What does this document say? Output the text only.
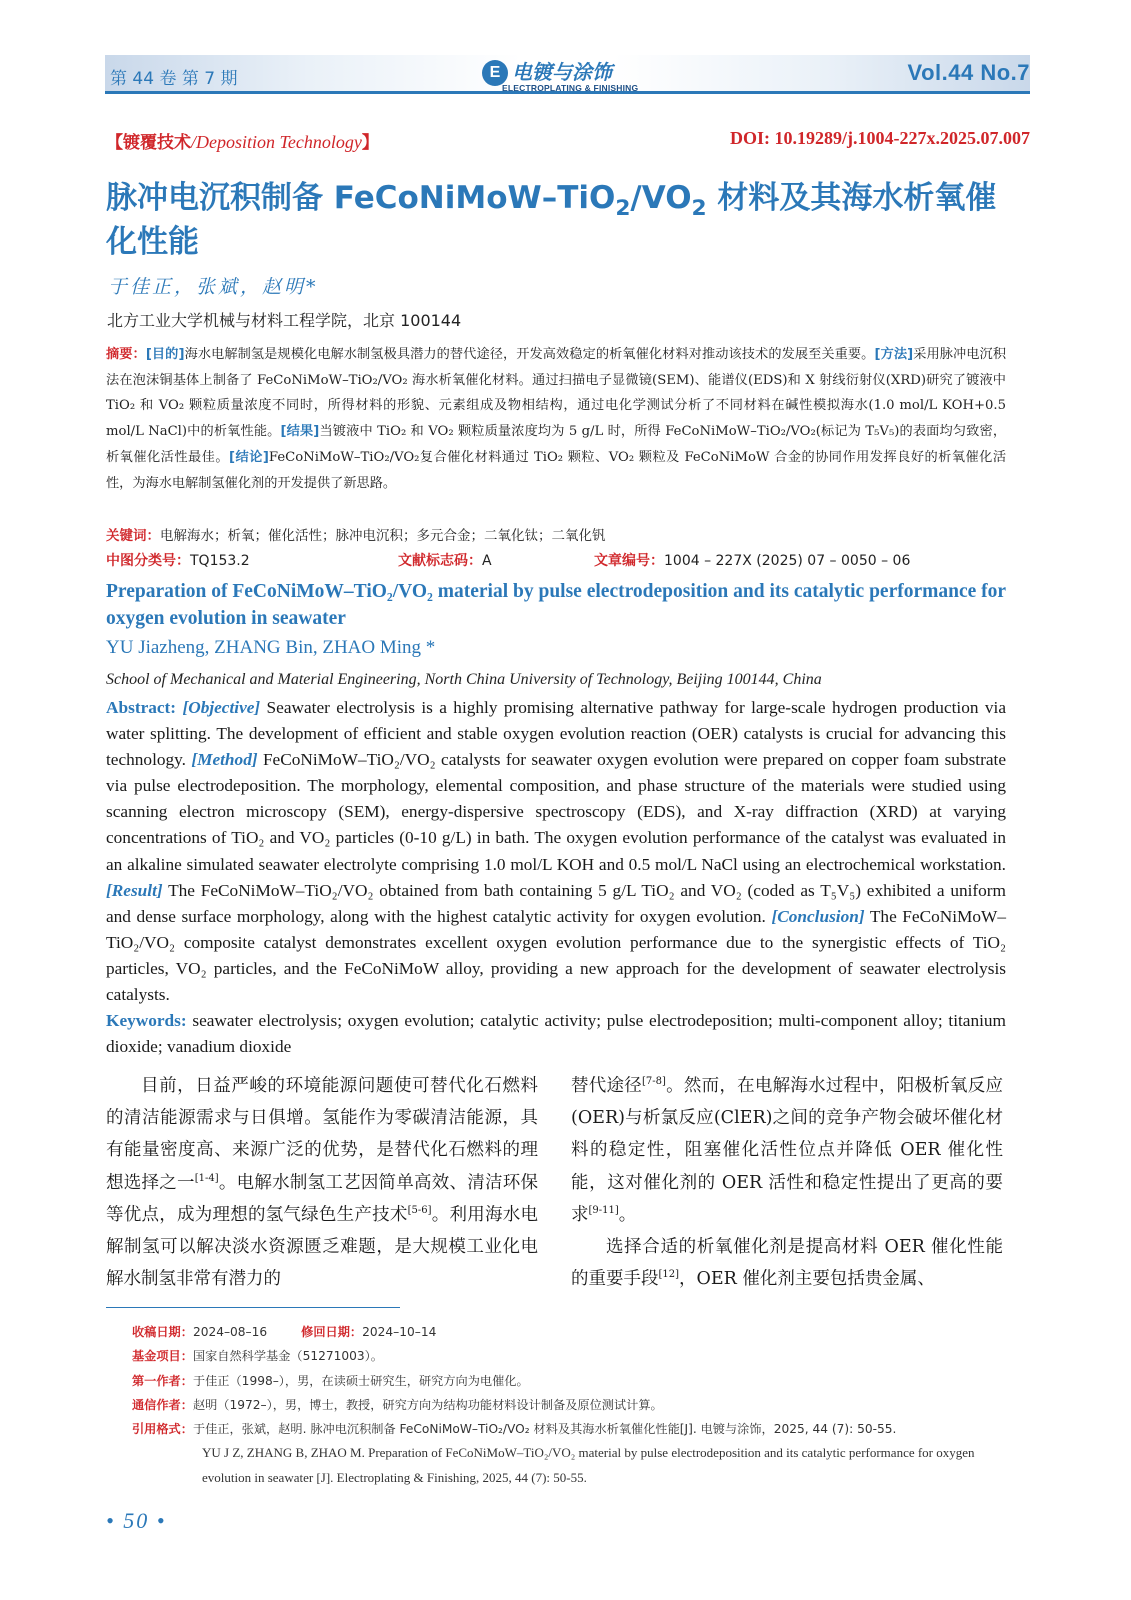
第 44 卷 第 7 期	E 电镀与涂饰
ELECTROPLATING & FINISHING
Vol.44 No.7
【镀覆技术/Deposition Technology】	DOI: 10.19289/j.1004-227x.2025.07.007
脉冲电沉积制备 FeCoNiMoW–$TiO_2/VO_2$ 材料及其海水析氧催化性能
于佳正，张斌，赵明*
北方工业大学机械与材料工程学院，北京 100144
摘要：[目的]海水电解制氢是规模化电解水制氢极具潜力的替代途径，开发高效稳定的析氧催化材料对推动该技术的发展至关重要。[方法]采用脉冲电沉积法在泡沫铜基体上制备了 FeCoNiMoW–TiO₂/VO₂ 海水析氧催化材料。通过扫描电子显微镜(SEM)、能谱仪(EDS)和 X 射线衍射仪(XRD)研究了镀液中 TiO₂ 和 VO₂ 颗粒质量浓度不同时，所得材料的形貌、元素组成及物相结构，通过电化学测试分析了不同材料在碱性模拟海水(1.0 mol/L KOH+0.5 mol/L NaCl)中的析氧性能。[结果]当镀液中 TiO₂ 和 VO₂ 颗粒质量浓度均为 5 g/L 时，所得 FeCoNiMoW–TiO₂/VO₂(标记为 T₅V₅)的表面均匀致密，析氧催化活性最佳。[结论]FeCoNiMoW–TiO₂/VO₂复合催化材料通过 TiO₂ 颗粒、VO₂ 颗粒及 FeCoNiMoW 合金的协同作用发挥良好的析氧催化活性，为海水电解制氢催化剂的开发提供了新思路。
关键词：电解海水；析氧；催化活性；脉冲电沉积；多元合金；二氧化钛；二氧化钒
中图分类号：TQ153.2	文献标志码：A	文章编号：1004 – 227X (2025) 07 – 0050 – 06
Preparation of FeCoNiMoW–TiO₂/VO₂ material by pulse electrodeposition and its catalytic performance for oxygen evolution in seawater
YU Jiazheng, ZHANG Bin, ZHAO Ming *
School of Mechanical and Material Engineering, North China University of Technology, Beijing 100144, China
Abstract: [Objective] Seawater electrolysis is a highly promising alternative pathway for large-scale hydrogen production via water splitting. The development of efficient and stable oxygen evolution reaction (OER) catalysts is crucial for advancing this technology. [Method] FeCoNiMoW–TiO₂/VO₂ catalysts for seawater oxygen evolution were prepared on copper foam substrate via pulse electrodeposition. The morphology, elemental composition, and phase structure of the materials were studied using scanning electron microscopy (SEM), energy-dispersive spectroscopy (EDS), and X-ray diffraction (XRD) at varying concentrations of TiO₂ and VO₂ particles (0-10 g/L) in bath. The oxygen evolution performance of the catalyst was evaluated in an alkaline simulated seawater electrolyte comprising 1.0 mol/L KOH and 0.5 mol/L NaCl using an electrochemical workstation. [Result] The FeCoNiMoW–TiO₂/VO₂ obtained from bath containing 5 g/L TiO₂ and VO₂ (coded as T₅V₅) exhibited a uniform and dense surface morphology, along with the highest catalytic activity for oxygen evolution. [Conclusion] The FeCoNiMoW–TiO₂/VO₂ composite catalyst demonstrates excellent oxygen evolution performance due to the synergistic effects of TiO₂ particles, VO₂ particles, and the FeCoNiMoW alloy, providing a new approach for the development of seawater electrolysis catalysts.
Keywords: seawater electrolysis; oxygen evolution; catalytic activity; pulse electrodeposition; multi-component alloy; titanium dioxide; vanadium dioxide

目前，日益严峻的环境能源问题使可替代化石燃料的清洁能源需求与日俱增。氢能作为零碳清洁能源，具有能量密度高、来源广泛的优势，是替代化石燃料的理想选择之一[1-4]。电解水制氢工艺因简单高效、清洁环保等优点，成为理想的氢气绿色生产技术[5-6]。利用海水电解制氢可以解决淡水资源匮乏难题，是大规模工业化电解水制氢非常有潜力的

替代途径[7-8]。然而，在电解海水过程中，阳极析氧反应(OER)与析氯反应(ClER)之间的竞争产物会破坏催化材料的稳定性，阻塞催化活性位点并降低 OER 催化性能，这对催化剂的 OER 活性和稳定性提出了更高的要求[9-11]。

选择合适的析氧催化剂是提高材料 OER 催化性能的重要手段[12]，OER 催化剂主要包括贵金属、

收稿日期：2024–08–16	修回日期：2024–10–14
基金项目：国家自然科学基金（51271003）。
第一作者：于佳正（1998–），男，在读硕士研究生，研究方向为电催化。
通信作者：赵明（1972–），男，博士，教授，研究方向为结构功能材料设计制备及原位测试计算。
引用格式：于佳正，张斌，赵明. 脉冲电沉积制备 FeCoNiMoW–TiO₂/VO₂ 材料及其海水析氧催化性能[J]. 电镀与涂饰，2025, 44 (7): 50-55.
YU J Z, ZHANG B, ZHAO M. Preparation of FeCoNiMoW–TiO₂/VO₂ material by pulse electrodeposition and its catalytic performance for oxygen evolution in seawater [J]. Electroplating & Finishing, 2025, 44 (7): 50-55.
• 50 •
